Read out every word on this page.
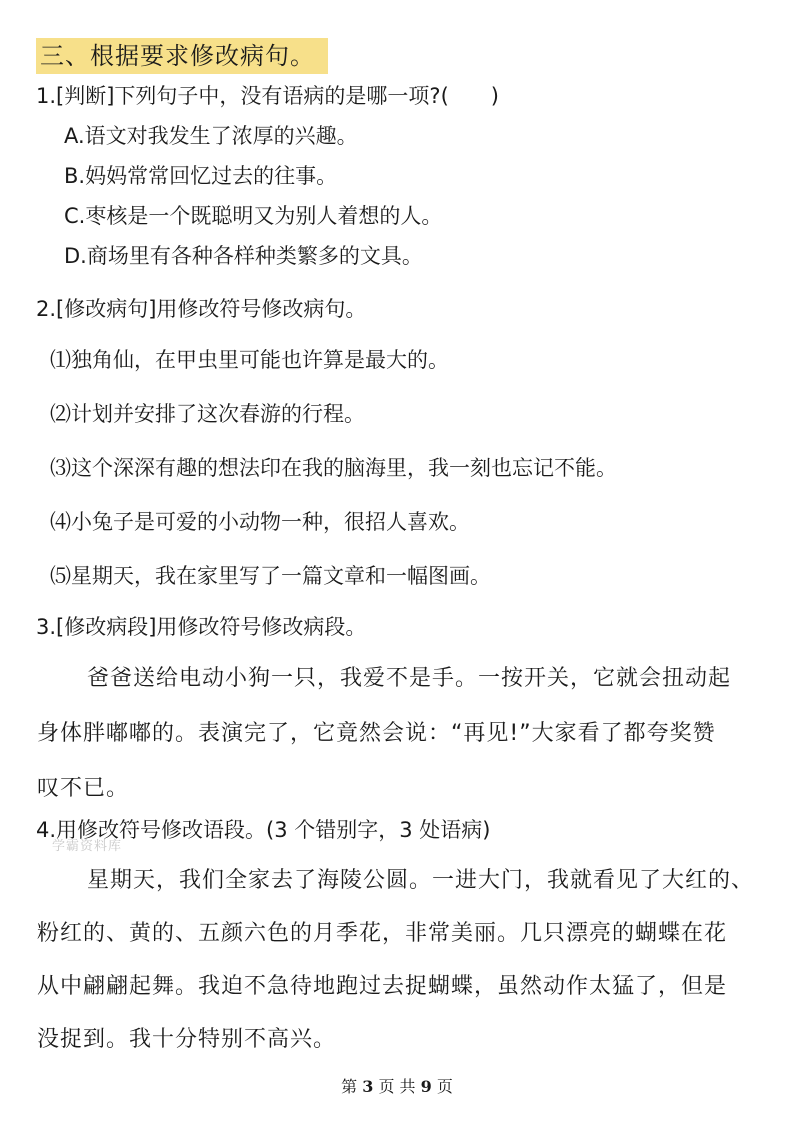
三、根据要求修改病句。
1.[判断]下列句子中，没有语病的是哪一项?(　　)
A.语文对我发生了浓厚的兴趣。
B.妈妈常常回忆过去的往事。
C.枣核是一个既聪明又为别人着想的人。
D.商场里有各种各样种类繁多的文具。
2.[修改病句]用修改符号修改病句。
⑴独角仙，在甲虫里可能也许算是最大的。
⑵计划并安排了这次春游的行程。
⑶这个深深有趣的想法印在我的脑海里，我一刻也忘记不能。
⑷小兔子是可爱的小动物一种，很招人喜欢。
⑸星期天，我在家里写了一篇文章和一幅图画。
3.[修改病段]用修改符号修改病段。
爸爸送给电动小狗一只，我爱不是手。一按开关，它就会扭动起
身体胖嘟嘟的。表演完了，它竟然会说：“再见!”大家看了都夸奖赞
叹不已。
4.用修改符号修改语段。(3 个错别字，3 处语病)
学霸资料库
星期天，我们全家去了海陵公圆。一进大门，我就看见了大红的、
粉红的、黄的、五颜六色的月季花，非常美丽。几只漂亮的蝴蝶在花
从中翩翩起舞。我迫不急待地跑过去捉蝴蝶，虽然动作太猛了，但是
没捉到。我十分特别不高兴。
第 3 页 共 9 页
